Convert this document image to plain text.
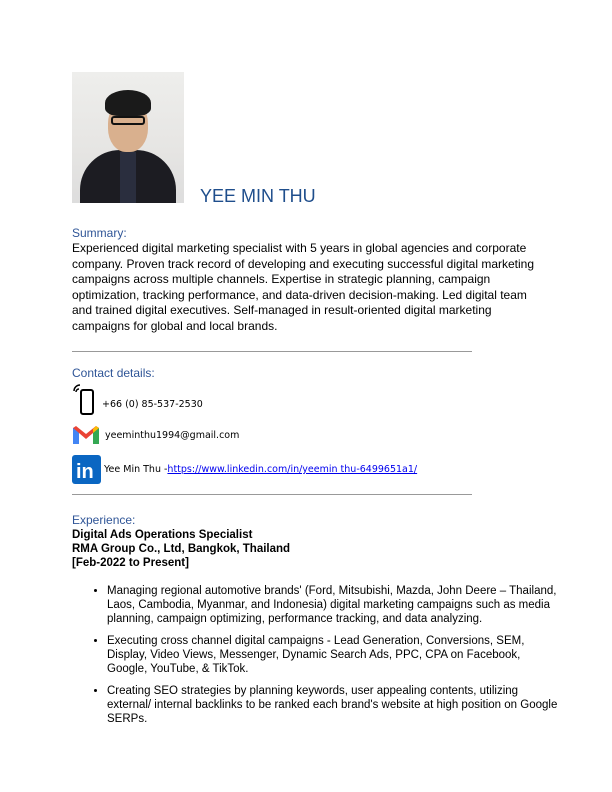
YEE MIN THU
Summary:
Experienced digital marketing specialist with 5 years in global agencies and corporate company. Proven track record of developing and executing successful digital marketing campaigns across multiple channels. Expertise in strategic planning, campaign optimization, tracking performance, and data-driven decision-making. Led digital team and trained digital executives. Self-managed in result-oriented digital marketing campaigns for global and local brands.
Contact details:
+66 (0) 85-537-2530
yeeminthu1994@gmail.com
in Yee Min Thu - https://www.linkedin.com/in/yeemin thu-6499651a1/
Experience:
Digital Ads Operations Specialist
RMA Group Co., Ltd, Bangkok, Thailand
[Feb-2022 to Present]
• Managing regional automotive brands' (Ford, Mitsubishi, Mazda, John Deere – Thailand, Laos, Cambodia, Myanmar, and Indonesia) digital marketing campaigns such as media planning, campaign optimizing, performance tracking, and data analyzing.
• Executing cross channel digital campaigns - Lead Generation, Conversions, SEM, Display, Video Views, Messenger, Dynamic Search Ads, PPC, CPA on Facebook, Google, YouTube, & TikTok.
• Creating SEO strategies by planning keywords, user appealing contents, utilizing external/ internal backlinks to be ranked each brand's website at high position on Google SERPs.
